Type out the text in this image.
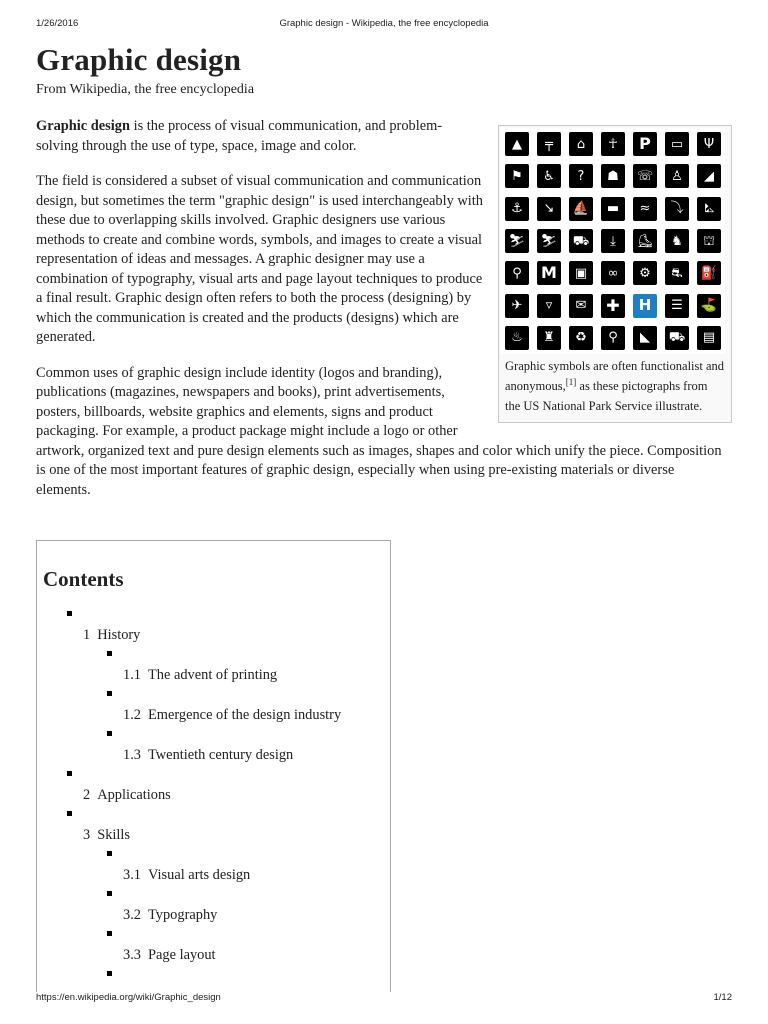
1/26/2016	Graphic design - Wikipedia, the free encyclopedia
Graphic design
From Wikipedia, the free encyclopedia
▲	╤	⌂	☥	P	▭	Ψ
⚑	♿	?	☗	☏	♙	◢
⚓	↘	⛵	▬	≈	⤵	⛡
⛷ ⛷ ⛟	⤓	⛸	♞	⛫
⚲	M	▣	∞	⚙	⛐	⛽
✈	▿	✉	✚	H	☰	⛳
♨	♜	♻	⚲	◣	⛟	▤
Graphic symbols are often functionalist and anonymous,[1] as these pictographs from the US National Park Service illustrate.

Graphic design is the process of visual communication, and problem-solving through the use of type, space, image and color.

The field is considered a subset of visual communication and communication design, but sometimes the term "graphic design" is used interchangeably with these due to overlapping skills involved. Graphic designers use various methods to create and combine words, symbols, and images to create a visual representation of ideas and messages. A graphic designer may use a combination of typography, visual arts and page layout techniques to produce a final result. Graphic design often refers to both the process (designing) by which the communication is created and the products (designs) which are generated.

Common uses of graphic design include identity (logos and branding), publications (magazines, newspapers and books), print advertisements, posters, billboards, website graphics and elements, signs and product packaging. For example, a product package might include a logo or other artwork, organized text and pure design elements such as images, shapes and color which unify the piece. Composition is one of the most important features of graphic design, especially when using pre-existing materials or diverse elements.

Contents
1 History
1.1 The advent of printing
1.2 Emergence of the design industry
1.3 Twentieth century design
2 Applications
3 Skills
3.1 Visual arts design
3.2 Typography
3.3 Page layout
https://en.wikipedia.org/wiki/Graphic_design	1/12
